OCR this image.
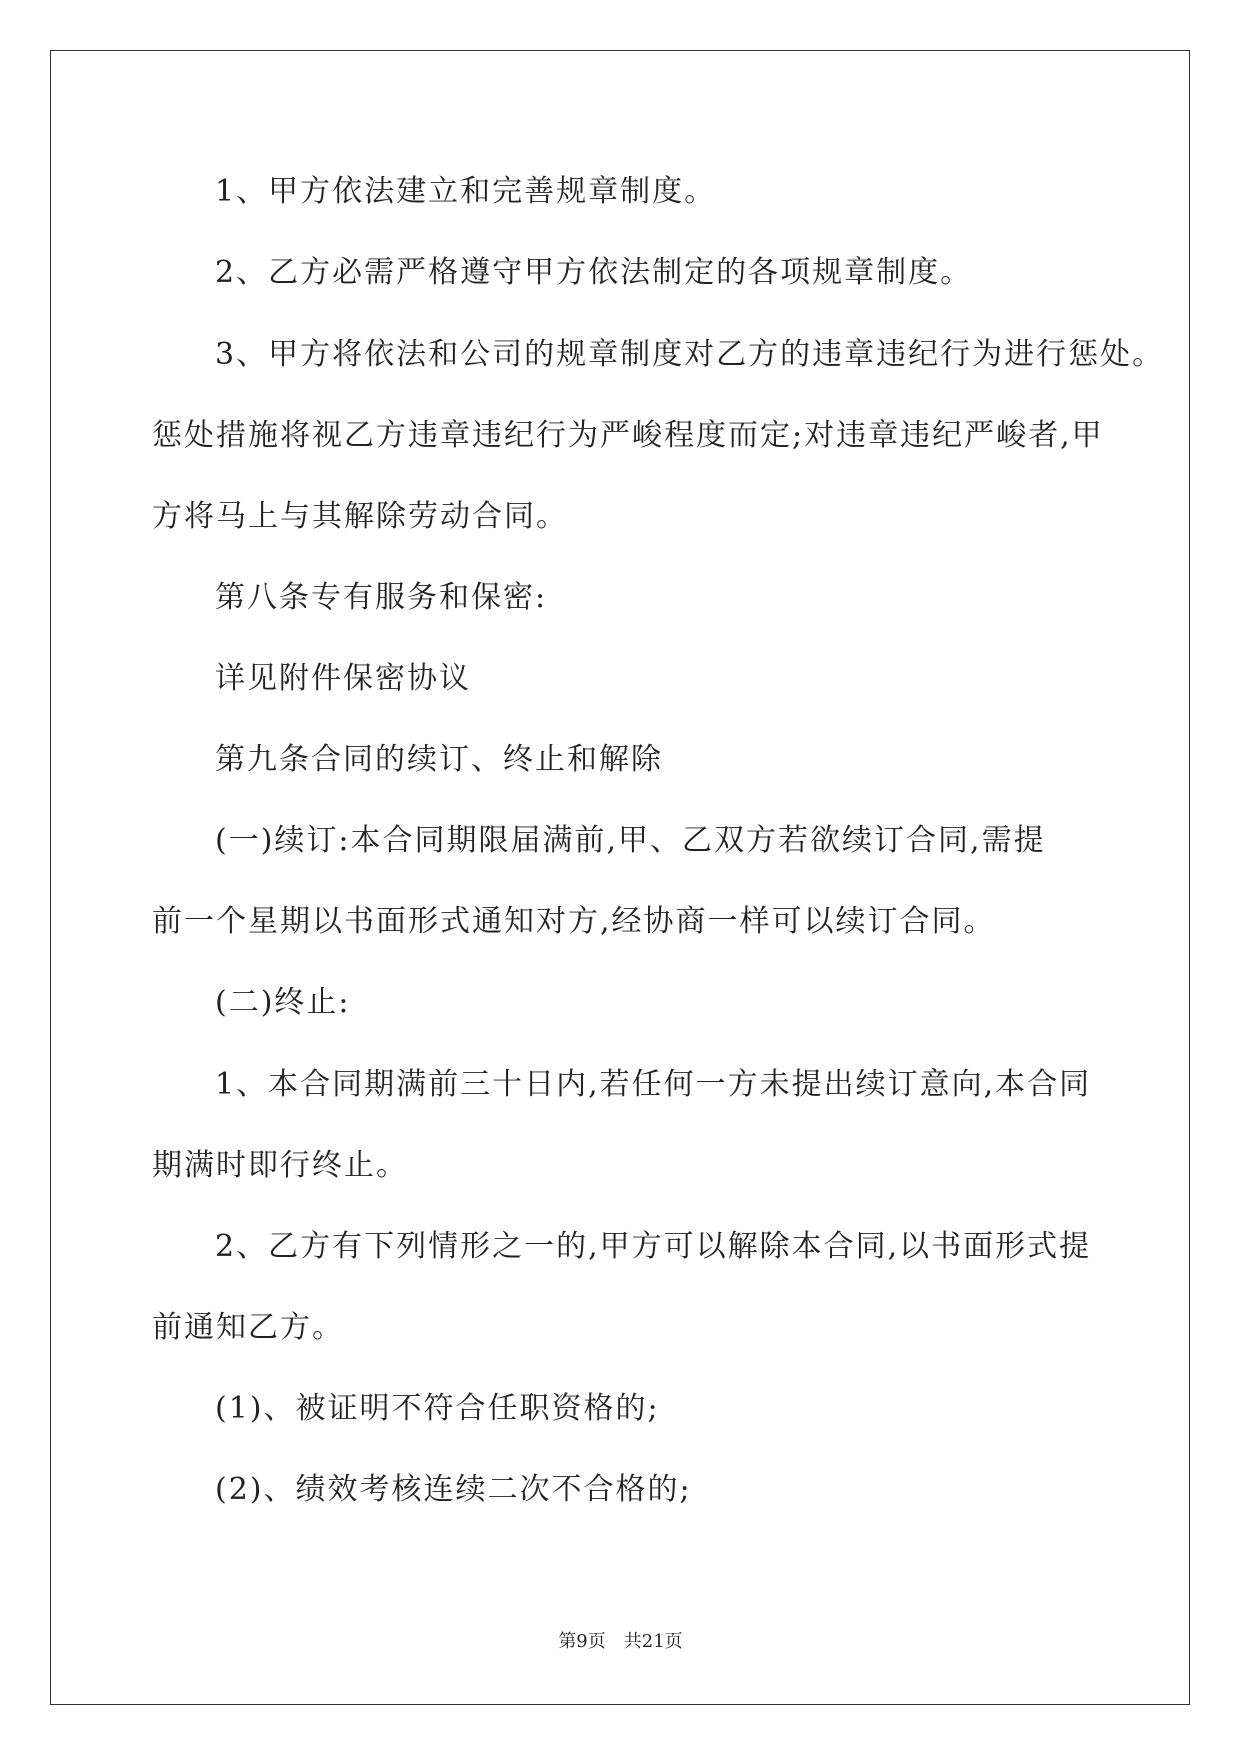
1、甲方依法建立和完善规章制度。

2、乙方必需严格遵守甲方依法制定的各项规章制度。

3、甲方将依法和公司的规章制度对乙方的违章违纪行为进行惩处。

惩处措施将视乙方违章违纪行为严峻程度而定;对违章违纪严峻者,甲

方将马上与其解除劳动合同。

第八条专有服务和保密:

详见附件保密协议

第九条合同的续订、终止和解除

(一)续订:本合同期限届满前,甲、乙双方若欲续订合同,需提

前一个星期以书面形式通知对方,经协商一样可以续订合同。

(二)终止:

1、本合同期满前三十日内,若任何一方未提出续订意向,本合同

期满时即行终止。

2、乙方有下列情形之一的,甲方可以解除本合同,以书面形式提

前通知乙方。

(1)、被证明不符合任职资格的;

(2)、绩效考核连续二次不合格的;

第9页 共21页
